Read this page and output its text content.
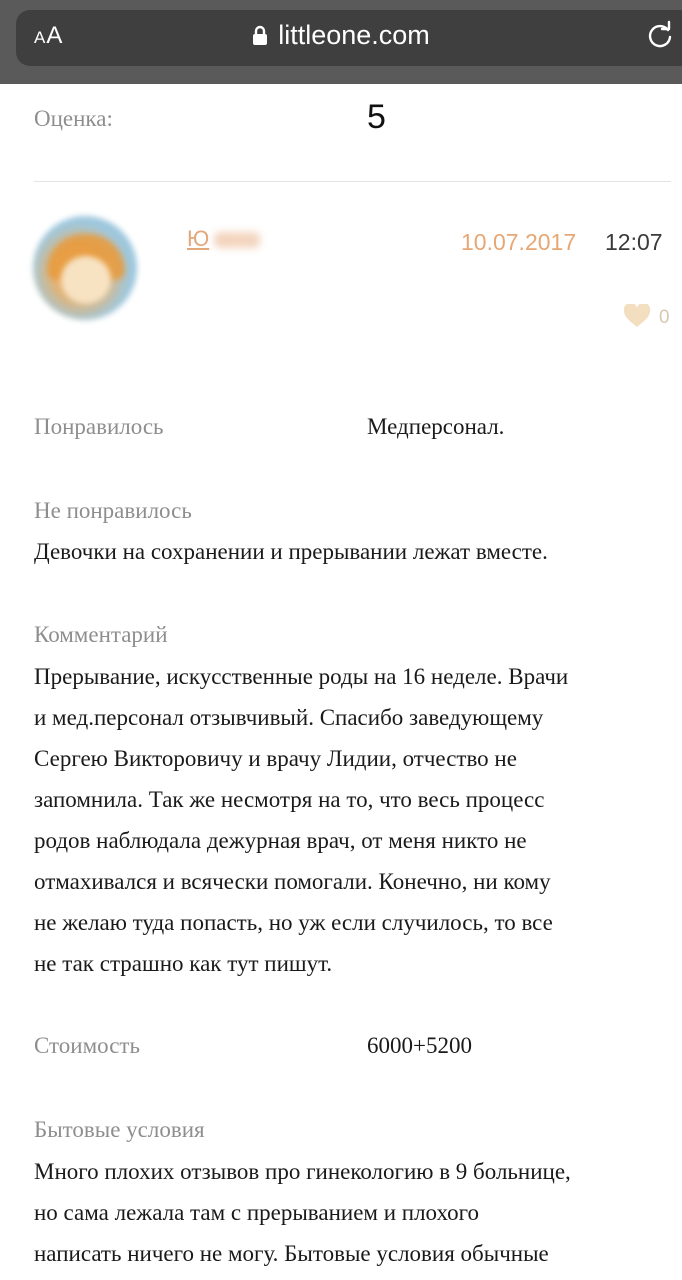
AA	littleone.com
Оценка:	5
Ю	10.07.2017 12:07
0
Понравилось	Медперсонал.
Не понравилось
Девочки на сохранении и прерывании лежат вместе.
Комментарий
Прерывание, искусственные роды на 16 неделе. Врачи
и мед.персонал отзывчивый. Спасибо заведующему
Сергею Викторовичу и врачу Лидии, отчество не
запомнила. Так же несмотря на то, что весь процесс
родов наблюдала дежурная врач, от меня никто не
отмахивался и всячески помогали. Конечно, ни кому
не желаю туда попасть, но уж если случилось, то все
не так страшно как тут пишут.
Стоимость	6000+5200
Бытовые условия
Много плохих отзывов про гинекологию в 9 больнице,
но сама лежала там с прерыванием и плохого
написать ничего не могу. Бытовые условия обычные
